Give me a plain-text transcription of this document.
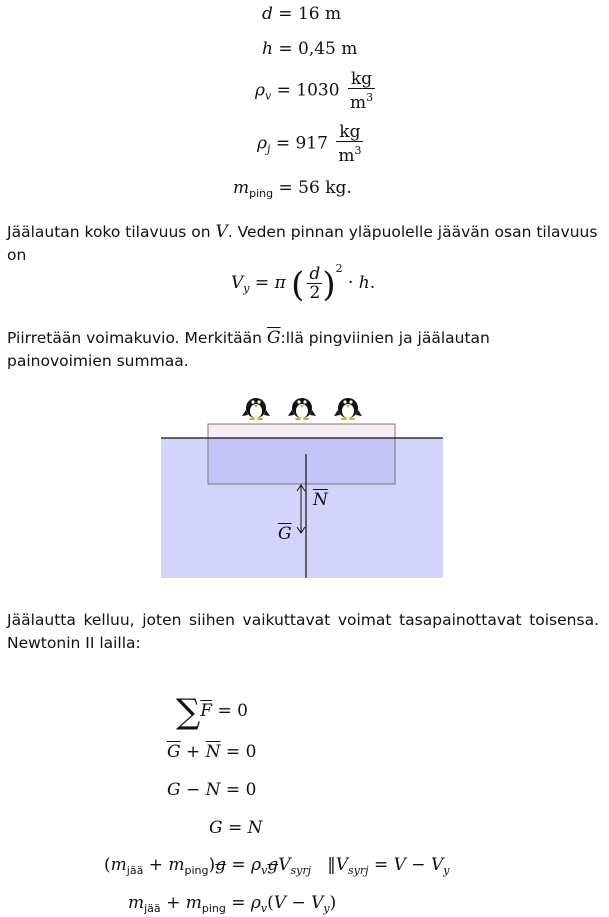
d = 16 m
h = 0,45 m
$\rho_v = 1030 \frac{kg}{m^3}$
$\rho_j = 917 \frac{kg}{m^3}$
$m_{ping} = 56$ kg.
Jäälautan koko tilavuus on V. Veden pinnan yläpuolelle jäävän osan tilavuus on
$V_y = \pi$ ( $\frac{d}{2} )^2 \cdot h$.
Piirretään voimakuvio. Merkitään $\overline{G}:llä$ pingviinien ja jäälautan painovoimien summaa.
$\overline{N}$
$\overline{G}$
Jäälautta kelluu, joten siihen vaikuttavat voimat tasapainottavat toisensa. Newtonin II lailla:
$\sum\overline{F} = 0$
$\overline{G} + \overline{N} = 0$
G − N = 0
G = N
$(m_{jää} + m_{ping})g = \rho_vgV_{syrj}$   $‖V_{syrj} = V - V_y$
$m_{jää} + m_{ping} = \rho_v(V - V_y)$
